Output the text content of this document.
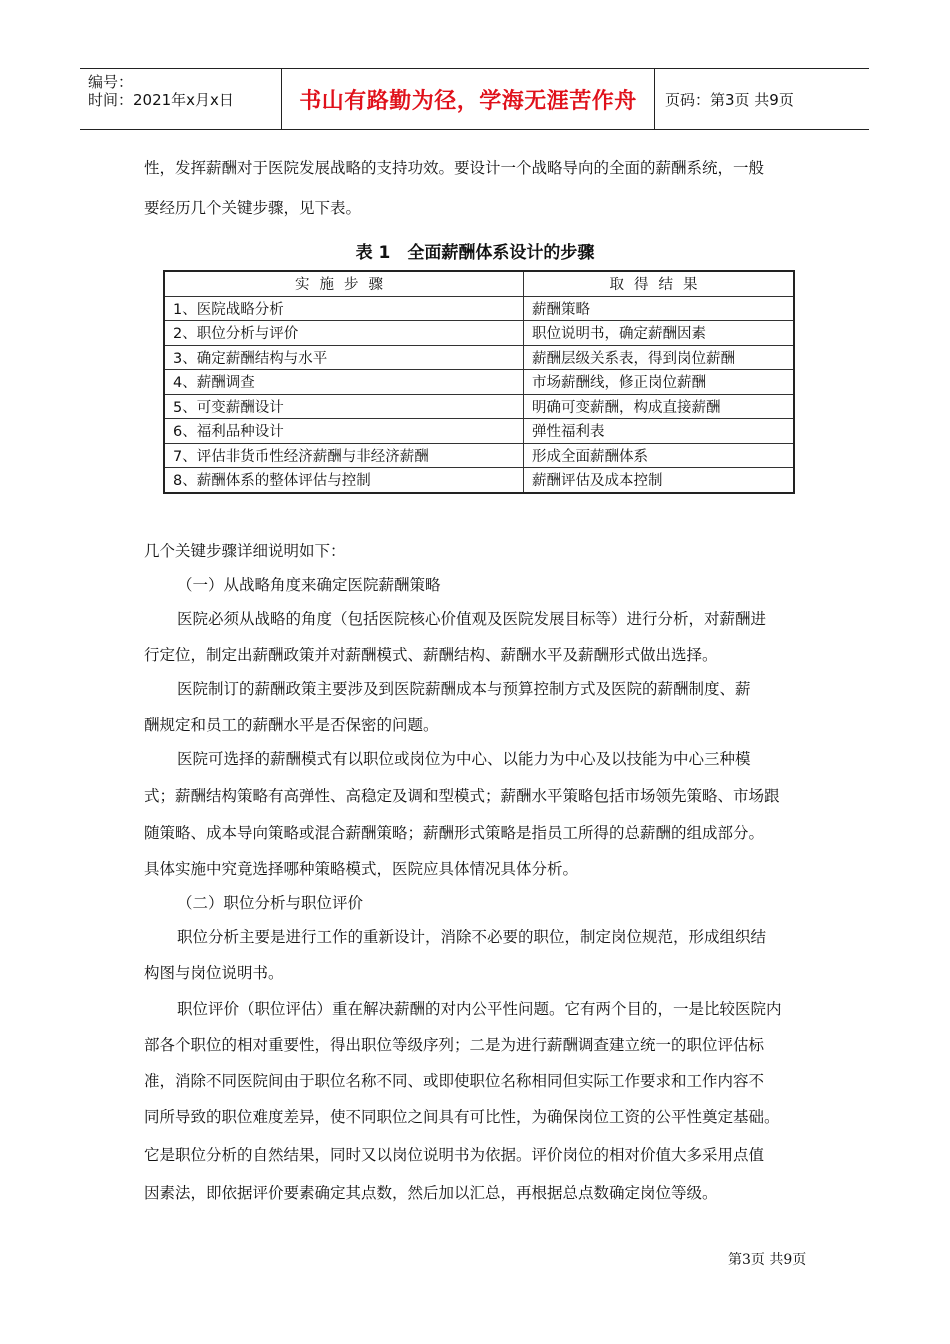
编号：
时间：2021年x月x日	书山有路勤为径，学海无涯苦作舟	页码：第3页 共9页
性，发挥薪酬对于医院发展战略的支持功效。要设计一个战略导向的全面的薪酬系统，一般
要经历几个关键步骤，见下表。
表 1　全面薪酬体系设计的步骤
实施步骤	取得结果
1、医院战略分析	薪酬策略
2、职位分析与评价	职位说明书，确定薪酬因素
3、确定薪酬结构与水平	薪酬层级关系表，得到岗位薪酬
4、薪酬调查	市场薪酬线，修正岗位薪酬
5、可变薪酬设计	明确可变薪酬，构成直接薪酬
6、福利品种设计	弹性福利表
7、评估非货币性经济薪酬与非经济薪酬	形成全面薪酬体系
8、薪酬体系的整体评估与控制	薪酬评估及成本控制
几个关键步骤详细说明如下：
（一）从战略角度来确定医院薪酬策略
医院必须从战略的角度（包括医院核心价值观及医院发展目标等）进行分析，对薪酬进
行定位，制定出薪酬政策并对薪酬模式、薪酬结构、薪酬水平及薪酬形式做出选择。
医院制订的薪酬政策主要涉及到医院薪酬成本与预算控制方式及医院的薪酬制度、薪
酬规定和员工的薪酬水平是否保密的问题。
医院可选择的薪酬模式有以职位或岗位为中心、以能力为中心及以技能为中心三种模
式；薪酬结构策略有高弹性、高稳定及调和型模式；薪酬水平策略包括市场领先策略、市场跟
随策略、成本导向策略或混合薪酬策略；薪酬形式策略是指员工所得的总薪酬的组成部分。
具体实施中究竟选择哪种策略模式，医院应具体情况具体分析。
（二）职位分析与职位评价
职位分析主要是进行工作的重新设计，消除不必要的职位，制定岗位规范，形成组织结
构图与岗位说明书。
职位评价（职位评估）重在解决薪酬的对内公平性问题。它有两个目的，一是比较医院内
部各个职位的相对重要性，得出职位等级序列；二是为进行薪酬调查建立统一的职位评估标
准，消除不同医院间由于职位名称不同、或即使职位名称相同但实际工作要求和工作内容不
同所导致的职位难度差异，使不同职位之间具有可比性，为确保岗位工资的公平性奠定基础。
它是职位分析的自然结果，同时又以岗位说明书为依据。评价岗位的相对价值大多采用点值
因素法，即依据评价要素确定其点数，然后加以汇总，再根据总点数确定岗位等级。
第3页 共9页
